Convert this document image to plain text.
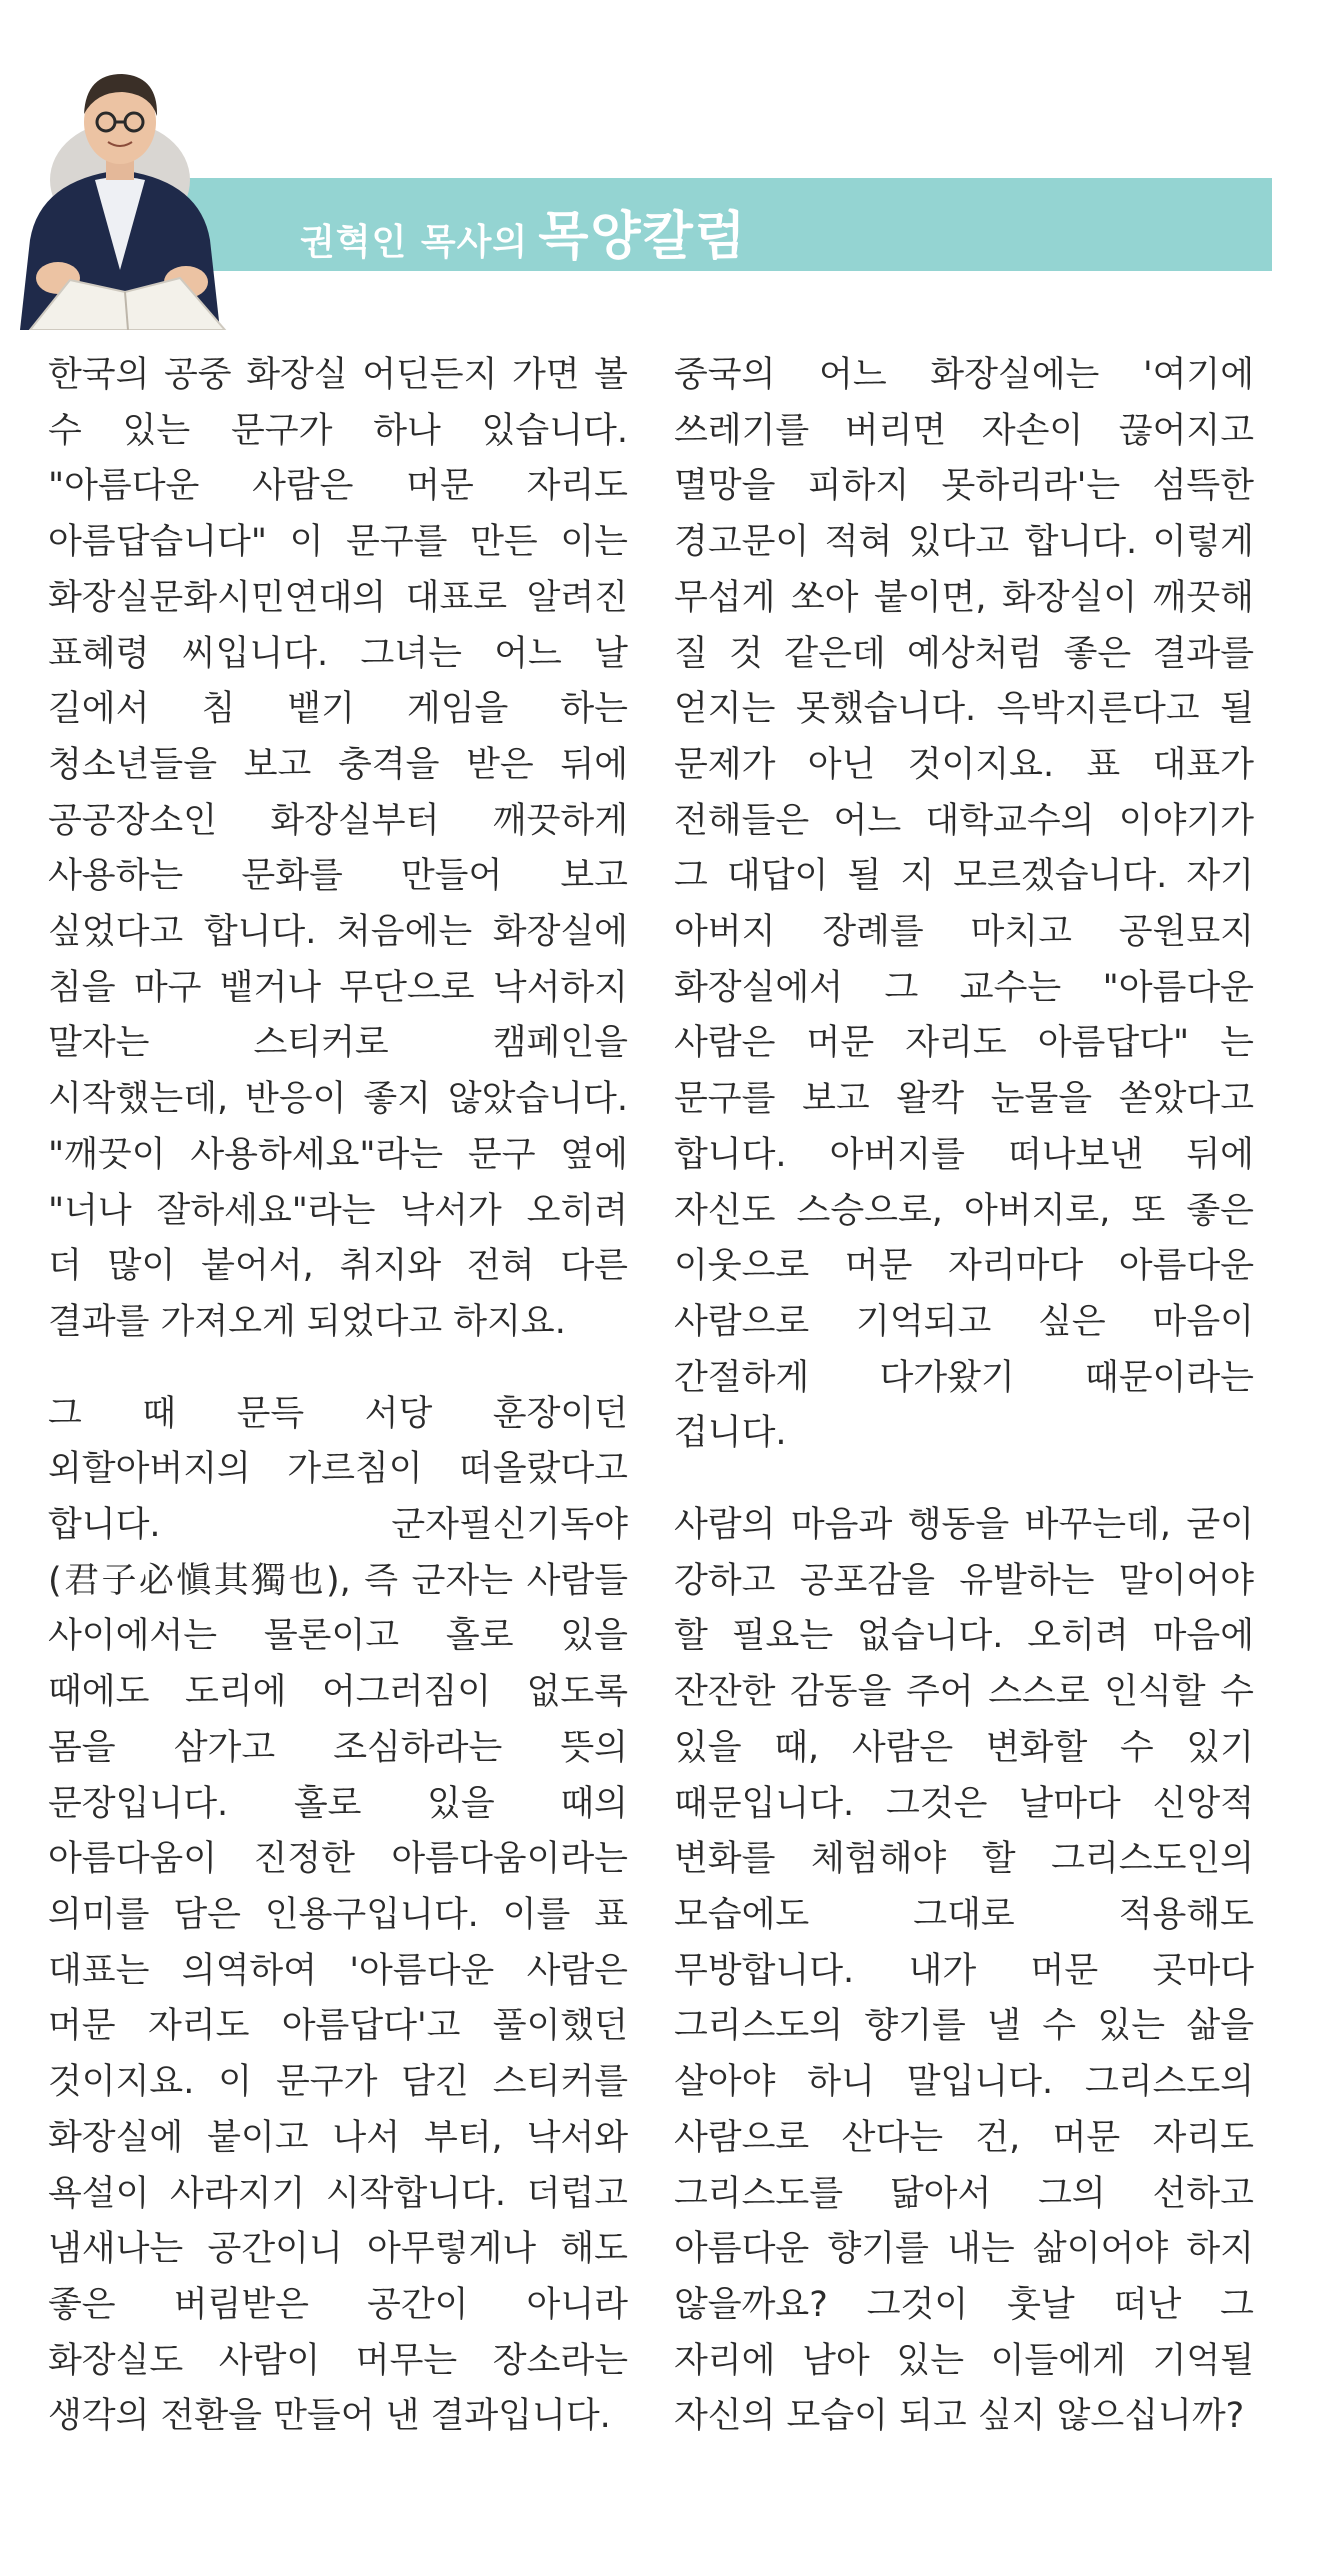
권혁인 목사의 목양칼럼

한국의 공중 화장실 어딘든지 가면 볼 수 있는 문구가 하나 있습니다. "아름다운 사람은 머문 자리도 아름답습니다" 이 문구를 만든 이는 화장실문화시민연대의 대표로 알려진 표혜령 씨입니다. 그녀는 어느 날 길에서 침 뱉기 게임을 하는 청소년들을 보고 충격을 받은 뒤에 공공장소인 화장실부터 깨끗하게 사용하는 문화를 만들어 보고 싶었다고 합니다. 처음에는 화장실에 침을 마구 뱉거나 무단으로 낙서하지 말자는 스티커로 캠페인을 시작했는데, 반응이 좋지 않았습니다. "깨끗이 사용하세요"라는 문구 옆에 "너나 잘하세요"라는 낙서가 오히려 더 많이 붙어서, 취지와 전혀 다른 결과를 가져오게 되었다고 하지요.

그 때 문득 서당 훈장이던 외할아버지의 가르침이 떠올랐다고 합니다. 군자필신기독야(君子必愼其獨也), 즉 군자는 사람들 사이에서는 물론이고 홀로 있을 때에도 도리에 어그러짐이 없도록 몸을 삼가고 조심하라는 뜻의 문장입니다. 홀로 있을 때의 아름다움이 진정한 아름다움이라는 의미를 담은 인용구입니다. 이를 표 대표는 의역하여 '아름다운 사람은 머문 자리도 아름답다'고 풀이했던 것이지요. 이 문구가 담긴 스티커를 화장실에 붙이고 나서 부터, 낙서와 욕설이 사라지기 시작합니다. 더럽고 냄새나는 공간이니 아무렇게나 해도 좋은 버림받은 공간이 아니라 화장실도 사람이 머무는 장소라는 생각의 전환을 만들어 낸 결과입니다.

중국의 어느 화장실에는 '여기에 쓰레기를 버리면 자손이 끊어지고 멸망을 피하지 못하리라'는 섬뜩한 경고문이 적혀 있다고 합니다. 이렇게 무섭게 쏘아 붙이면, 화장실이 깨끗해 질 것 같은데 예상처럼 좋은 결과를 얻지는 못했습니다. 윽박지른다고 될 문제가 아닌 것이지요. 표 대표가 전해들은 어느 대학교수의 이야기가 그 대답이 될 지 모르겠습니다. 자기 아버지 장례를 마치고 공원묘지 화장실에서 그 교수는 "아름다운 사람은 머문 자리도 아름답다" 는 문구를 보고 왈칵 눈물을 쏟았다고 합니다. 아버지를 떠나보낸 뒤에 자신도 스승으로, 아버지로, 또 좋은 이웃으로 머문 자리마다 아름다운 사람으로 기억되고 싶은 마음이 간절하게 다가왔기 때문이라는 겁니다.

사람의 마음과 행동을 바꾸는데, 굳이 강하고 공포감을 유발하는 말이어야 할 필요는 없습니다. 오히려 마음에 잔잔한 감동을 주어 스스로 인식할 수 있을 때, 사람은 변화할 수 있기 때문입니다. 그것은 날마다 신앙적 변화를 체험해야 할 그리스도인의 모습에도 그대로 적용해도 무방합니다. 내가 머문 곳마다 그리스도의 향기를 낼 수 있는 삶을 살아야 하니 말입니다. 그리스도의 사람으로 산다는 건, 머문 자리도 그리스도를 닮아서 그의 선하고 아름다운 향기를 내는 삶이어야 하지 않을까요? 그것이 훗날 떠난 그 자리에 남아 있는 이들에게 기억될 자신의 모습이 되고 싶지 않으십니까?
